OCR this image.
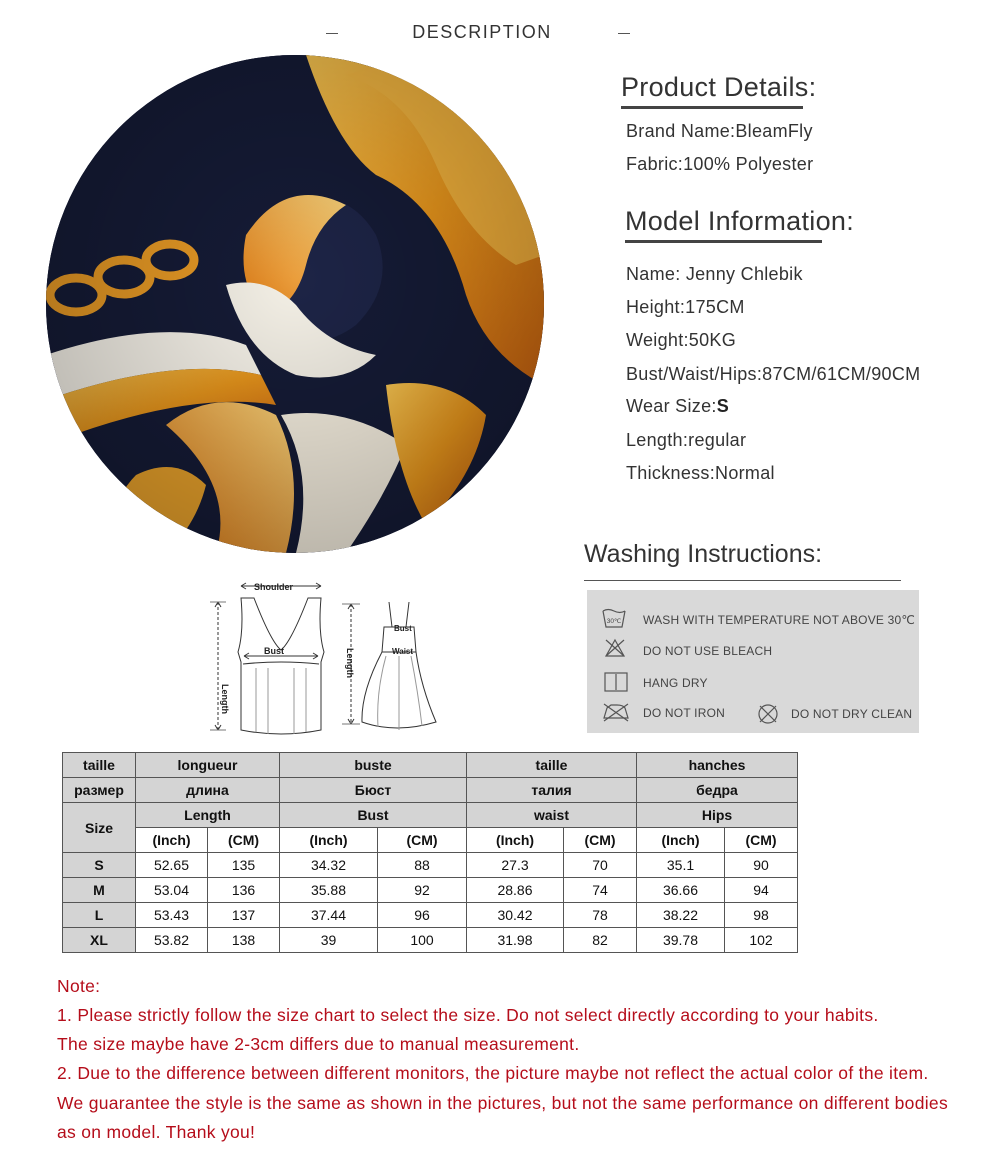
DESCRIPTION
Product Details:
Brand Name:BleamFly
Fabric:100% Polyester
Model Information:
Name: Jenny Chlebik
Height:175CM
Weight:50KG
Bust/Waist/Hips:87CM/61CM/90CM
Wear Size:S
Length:regular
Thickness:Normal
Washing Instructions:
30℃ WASH WITH TEMPERATURE NOT ABOVE 30℃
DO NOT USE BLEACH
HANG DRY
DO NOT IRON	DO NOT DRY CLEAN
Shoulder
Bust
Length
Bust
Waist
Length
taille	longueur		buste		taille		hanches	
размер	длина		Бюст		талия		бедра	
Size	Length		Bust		waist		Hips	
	(Inch)	(CM)	(Inch)	(CM)	(Inch)	(CM)	(Inch)	(CM)
S	52.65	135	34.32	88	27.3	70	35.1	90
M	53.04	136	35.88	92	28.86	74	36.66	94
L	53.43	137	37.44	96	30.42	78	38.22	98
XL	53.82	138	39	100	31.98	82	39.78	102
Note:
1. Please strictly follow the size chart to select the size. Do not select directly according to your habits.
The size maybe have 2-3cm differs due to manual measurement.
2. Due to the difference between different monitors, the picture maybe not reflect the actual color of the item.
We guarantee the style is the same as shown in the pictures, but not the same performance on different bodies
as on model. Thank you!
